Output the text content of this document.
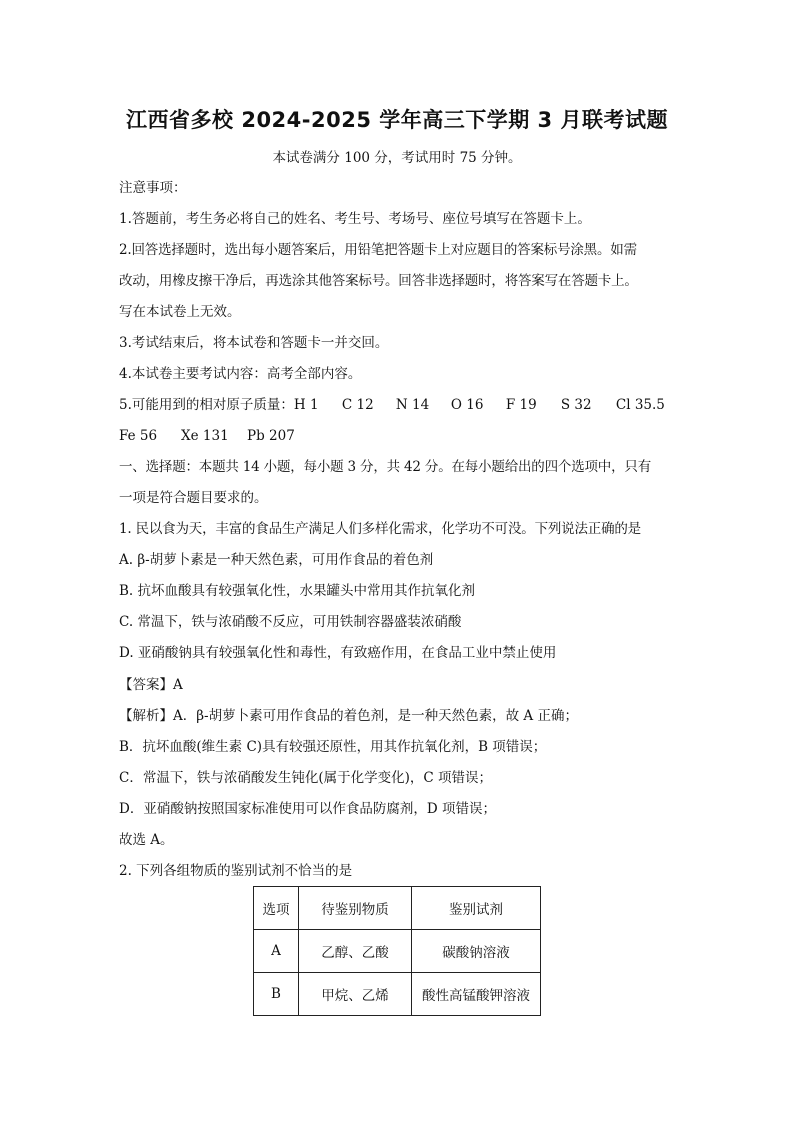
江西省多校 2024-2025 学年高三下学期 3 月联考试题
本试卷满分 100 分，考试用时 75 分钟。
注意事项：
1.答题前，考生务必将自己的姓名、考生号、考场号、座位号填写在答题卡上。
2.回答选择题时，选出每小题答案后，用铅笔把答题卡上对应题目的答案标号涂黑。如需
改动，用橡皮擦干净后，再选涂其他答案标号。回答非选择题时，将答案写在答题卡上。
写在本试卷上无效。
3.考试结束后，将本试卷和答题卡一并交回。
4.本试卷主要考试内容：高考全部内容。
5.可能用到的相对原子质量：H 1 C 12 N 14 O 16 F 19 S 32 Cl 35.5
Fe 56 Xe 131 Pb 207
一、选择题：本题共 14 小题，每小题 3 分，共 42 分。在每小题给出的四个选项中，只有
一项是符合题目要求的。
1. 民以食为天，丰富的食品生产满足人们多样化需求，化学功不可没。下列说法正确的是
A. β-胡萝卜素是一种天然色素，可用作食品的着色剂
B. 抗坏血酸具有较强氧化性，水果罐头中常用其作抗氧化剂
C. 常温下，铁与浓硝酸不反应，可用铁制容器盛装浓硝酸
D. 亚硝酸钠具有较强氧化性和毒性，有致癌作用，在食品工业中禁止使用
【答案】A
【解析】A．β-胡萝卜素可用作食品的着色剂，是一种天然色素，故 A 正确；
B．抗坏血酸(维生素 C)具有较强还原性，用其作抗氧化剂，B 项错误；
C．常温下，铁与浓硝酸发生钝化(属于化学变化)，C 项错误；
D．亚硝酸钠按照国家标准使用可以作食品防腐剂，D 项错误；
故选 A。
2. 下列各组物质的鉴别试剂不恰当的是
选项	待鉴别物质	鉴别试剂
A	乙醇、乙酸	碳酸钠溶液
B	甲烷、乙烯	酸性高锰酸钾溶液
